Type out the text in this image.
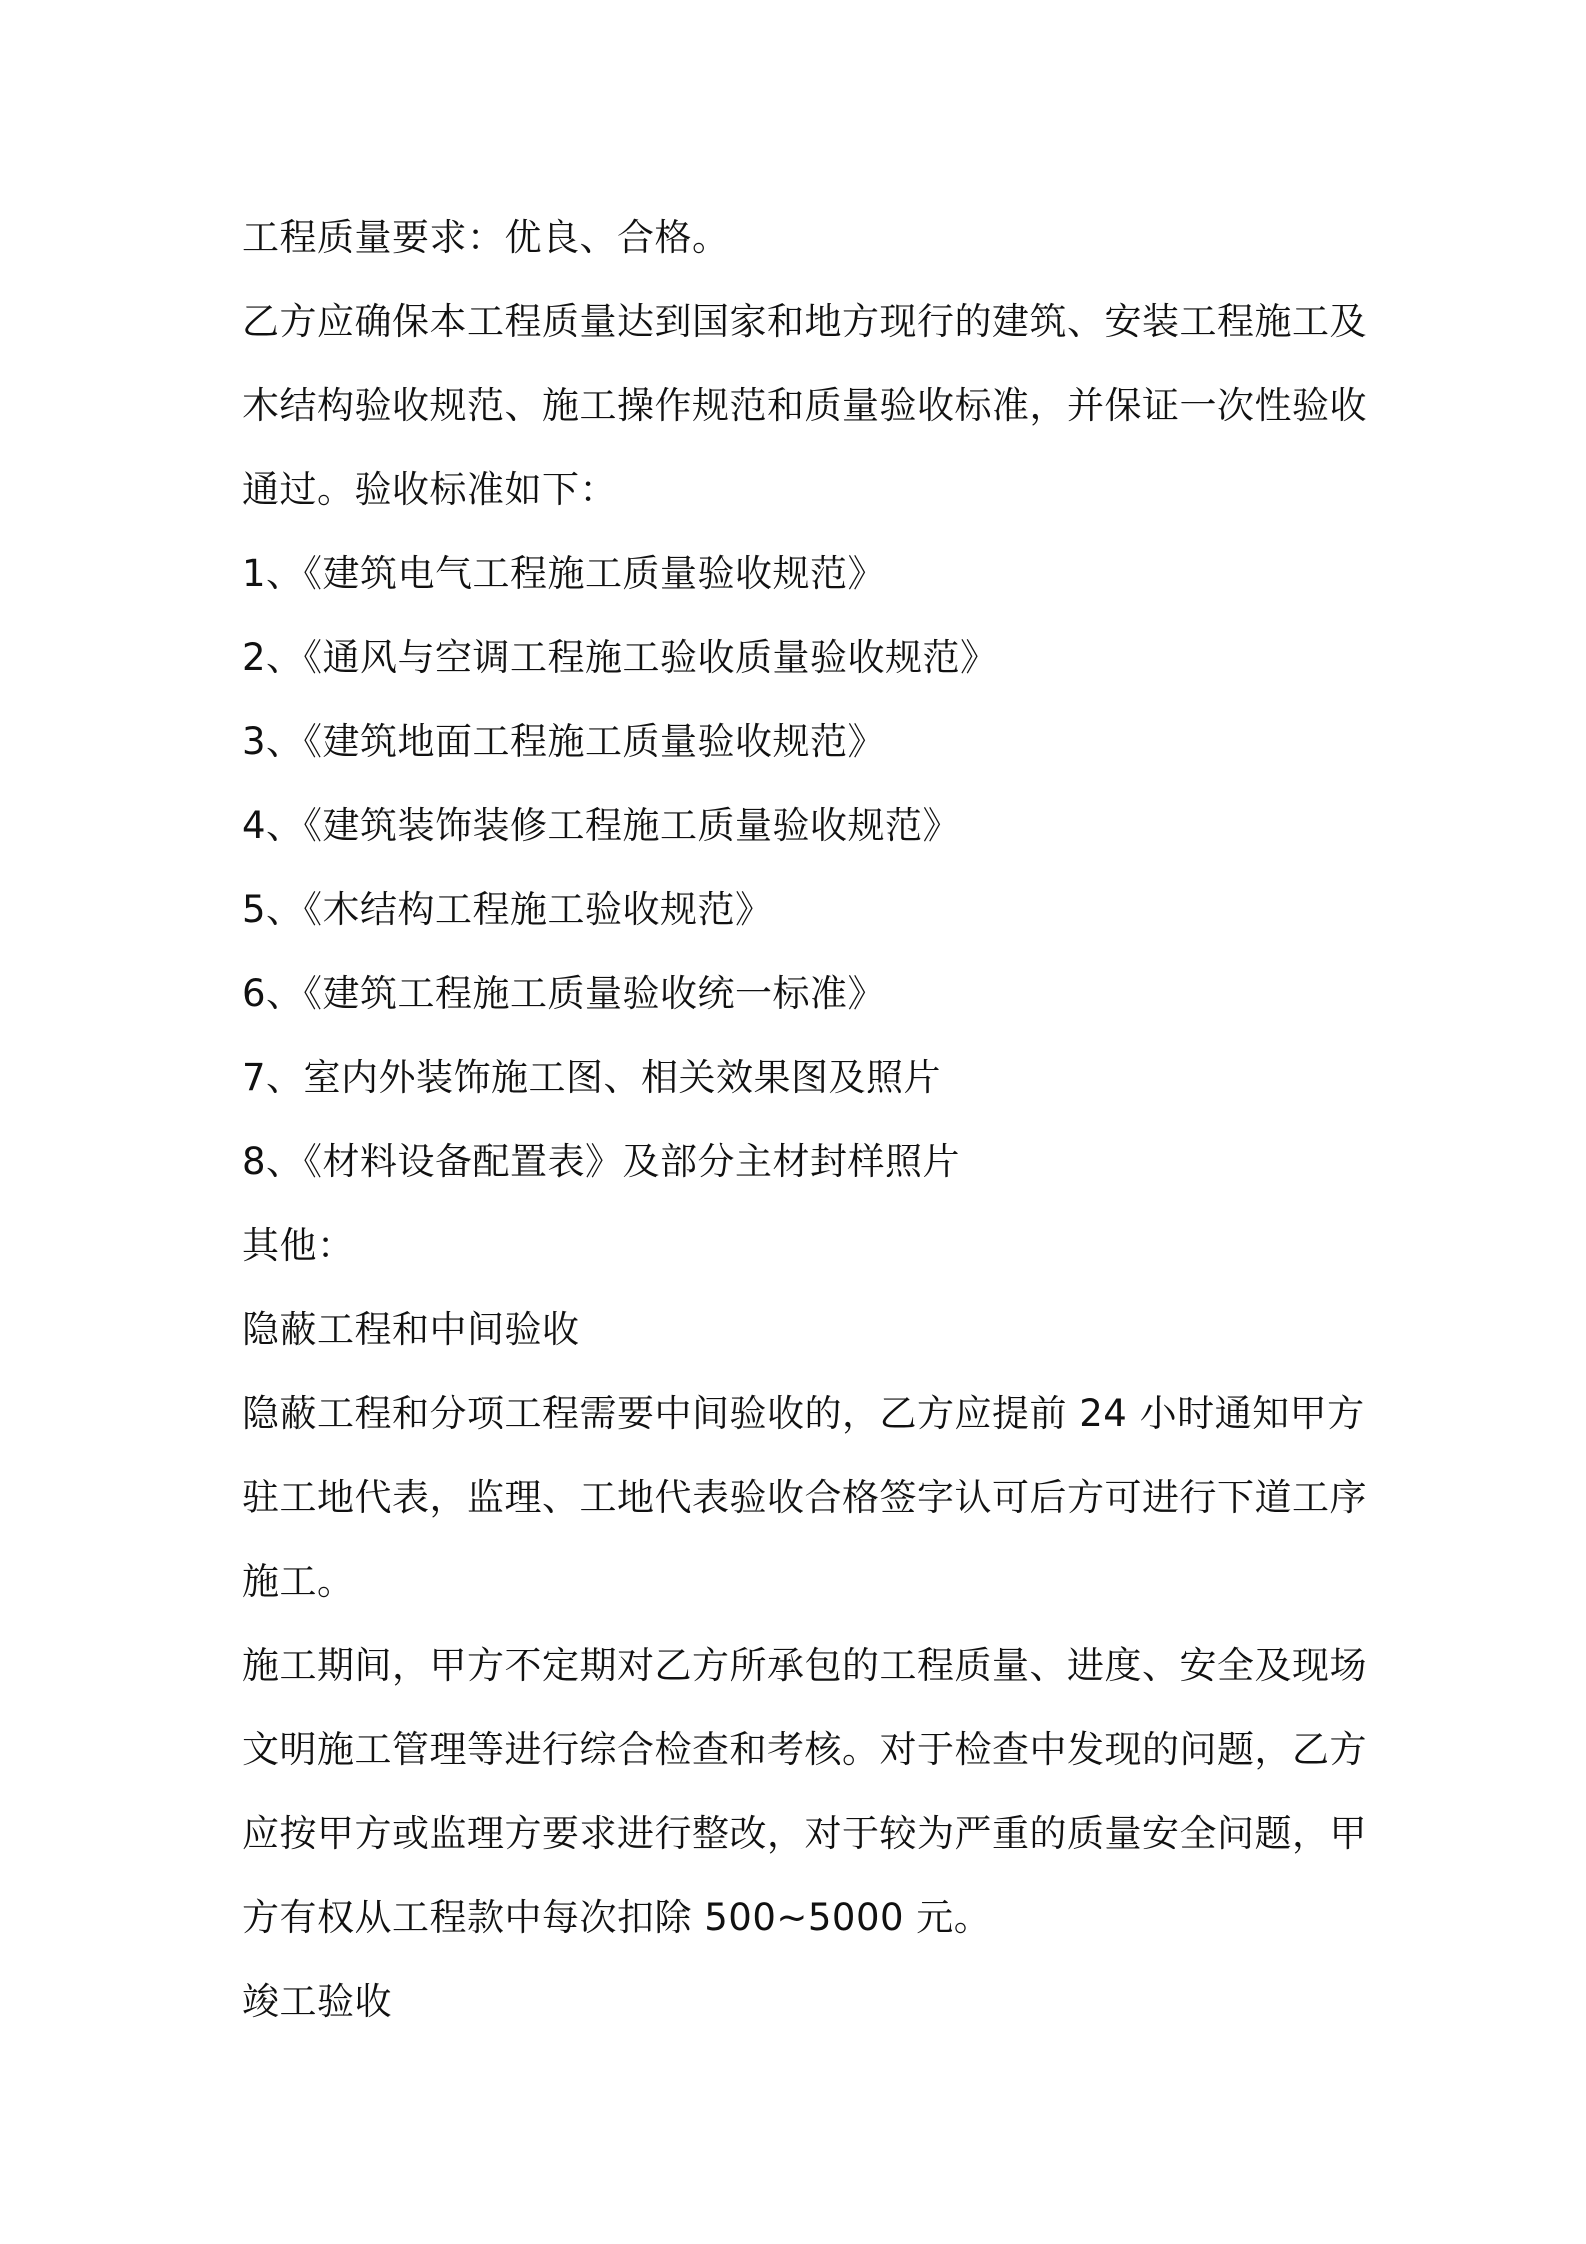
工程质量要求：优良、合格。
乙方应确保本工程质量达到国家和地方现行的建筑、安装工程施工及
木结构验收规范、施工操作规范和质量验收标准，并保证一次性验收
通过。验收标准如下：
1、《建筑电气工程施工质量验收规范》
2、《通风与空调工程施工验收质量验收规范》
3、《建筑地面工程施工质量验收规范》
4、《建筑装饰装修工程施工质量验收规范》
5、《木结构工程施工验收规范》
6、《建筑工程施工质量验收统一标准》
7、室内外装饰施工图、相关效果图及照片
8、《材料设备配置表》及部分主材封样照片
其他：
隐蔽工程和中间验收
隐蔽工程和分项工程需要中间验收的，乙方应提前 24 小时通知甲方
驻工地代表，监理、工地代表验收合格签字认可后方可进行下道工序
施工。
施工期间，甲方不定期对乙方所承包的工程质量、进度、安全及现场
文明施工管理等进行综合检查和考核。对于检查中发现的问题，乙方
应按甲方或监理方要求进行整改，对于较为严重的质量安全问题，甲
方有权从工程款中每次扣除 500~5000 元。
竣工验收
